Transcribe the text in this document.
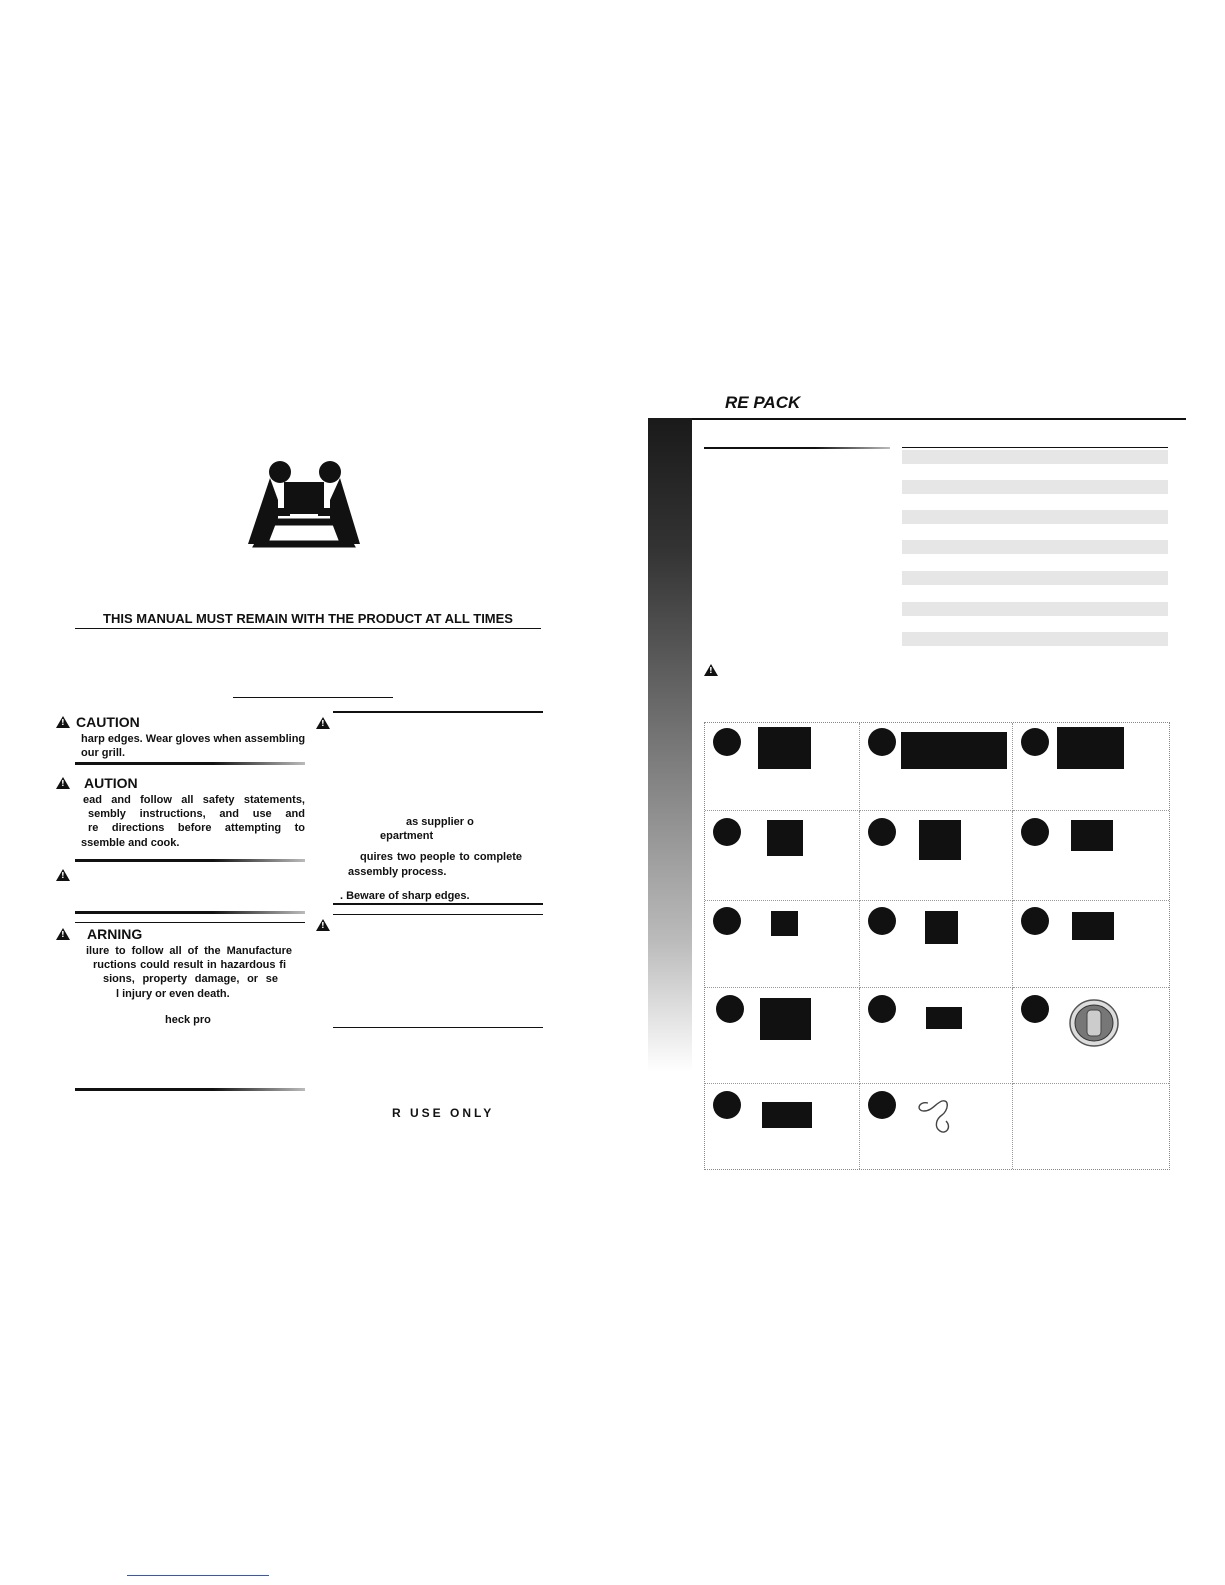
THIS MANUAL MUST REMAIN WITH THE PRODUCT AT ALL TIMES
!
CAUTION
harp edges. Wear gloves when assembling
our grill.
!
AUTION
ead and follow all safety statements,
sembly instructions, and use and
re directions before attempting to
ssemble and cook.
!
!
ARNING
ilure to follow all of the Manufacture
ructions could result in hazardous fi
sions, property damage, or se
l injury or even death.
heck pro
!
as supplier o
epartment
quires two people to complete
assembly process.
. Beware of sharp edges.
!
R USE ONLY
RE PACK
!
